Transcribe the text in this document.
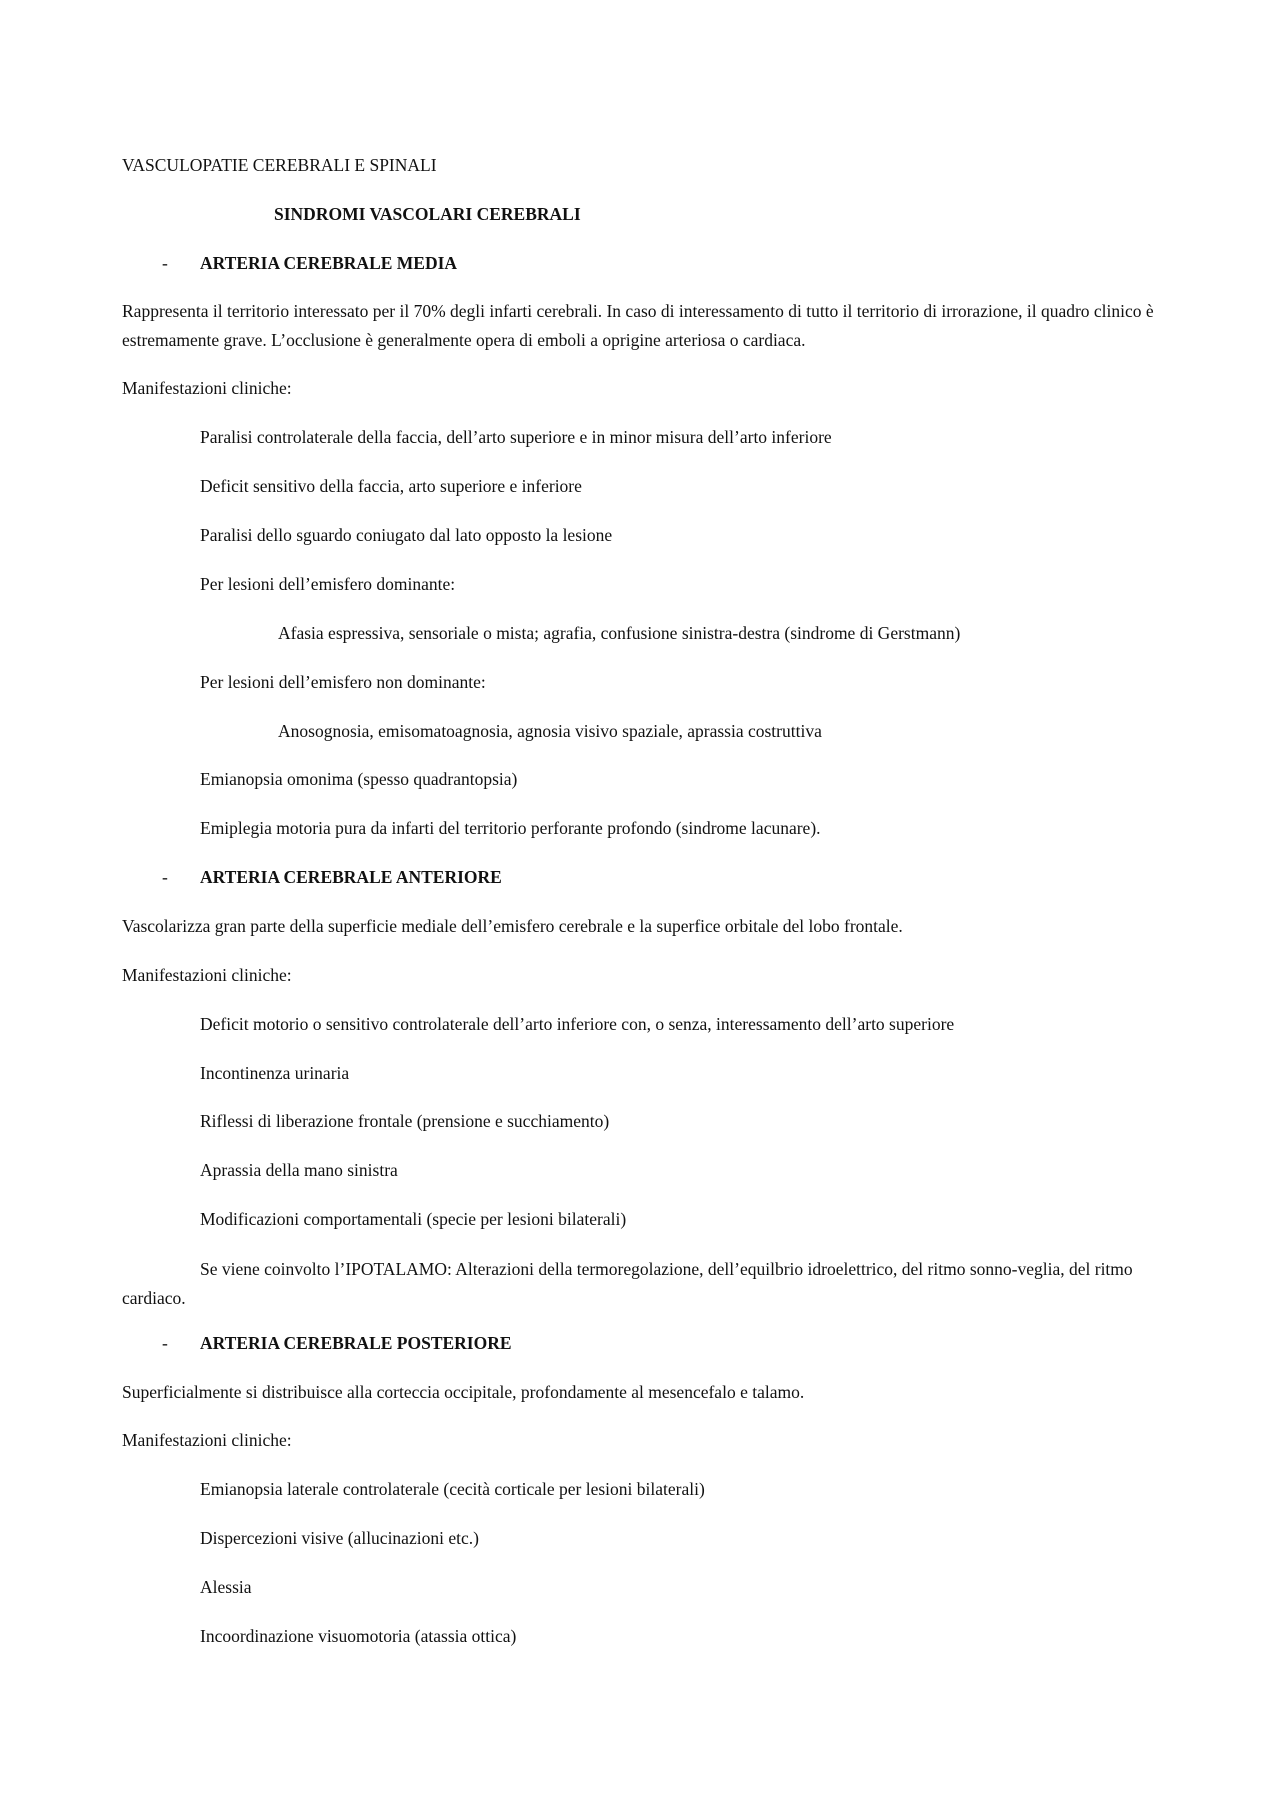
VASCULOPATIE CEREBRALI E SPINALI
SINDROMI VASCOLARI CEREBRALI
- ARTERIA CEREBRALE MEDIA
Rappresenta il territorio interessato per il 70% degli infarti cerebrali. In caso di interessamento di tutto il territorio di irrorazione, il quadro clinico è estremamente grave. L’occlusione è generalmente opera di emboli a oprigine arteriosa o cardiaca.
Manifestazioni cliniche:
Paralisi controlaterale della faccia, dell’arto superiore e in minor misura dell’arto inferiore
Deficit sensitivo della faccia, arto superiore e inferiore
Paralisi dello sguardo coniugato dal lato opposto la lesione
Per lesioni dell’emisfero dominante:
Afasia espressiva, sensoriale o mista; agrafia, confusione sinistra-destra (sindrome di Gerstmann)
Per lesioni dell’emisfero non dominante:
Anosognosia, emisomatoagnosia, agnosia visivo spaziale, aprassia costruttiva
Emianopsia omonima (spesso quadrantopsia)
Emiplegia motoria pura da infarti del territorio perforante profondo (sindrome lacunare).
- ARTERIA CEREBRALE ANTERIORE
Vascolarizza gran parte della superficie mediale dell’emisfero cerebrale e la superfice orbitale del lobo frontale.
Manifestazioni cliniche:
Deficit motorio o sensitivo controlaterale dell’arto inferiore con, o senza, interessamento dell’arto superiore
Incontinenza urinaria
Riflessi di liberazione frontale (prensione e succhiamento)
Aprassia della mano sinistra
Modificazioni comportamentali (specie per lesioni bilaterali)
Se viene coinvolto l’IPOTALAMO: Alterazioni della termoregolazione, dell’equilbrio idroelettrico, del ritmo sonno-veglia, del ritmo cardiaco.
- ARTERIA CEREBRALE POSTERIORE
Superficialmente si distribuisce alla corteccia occipitale, profondamente al mesencefalo e talamo.
Manifestazioni cliniche:
Emianopsia laterale controlaterale (cecità corticale per lesioni bilaterali)
Dispercezioni visive (allucinazioni etc.)
Alessia
Incoordinazione visuomotoria (atassia ottica)
